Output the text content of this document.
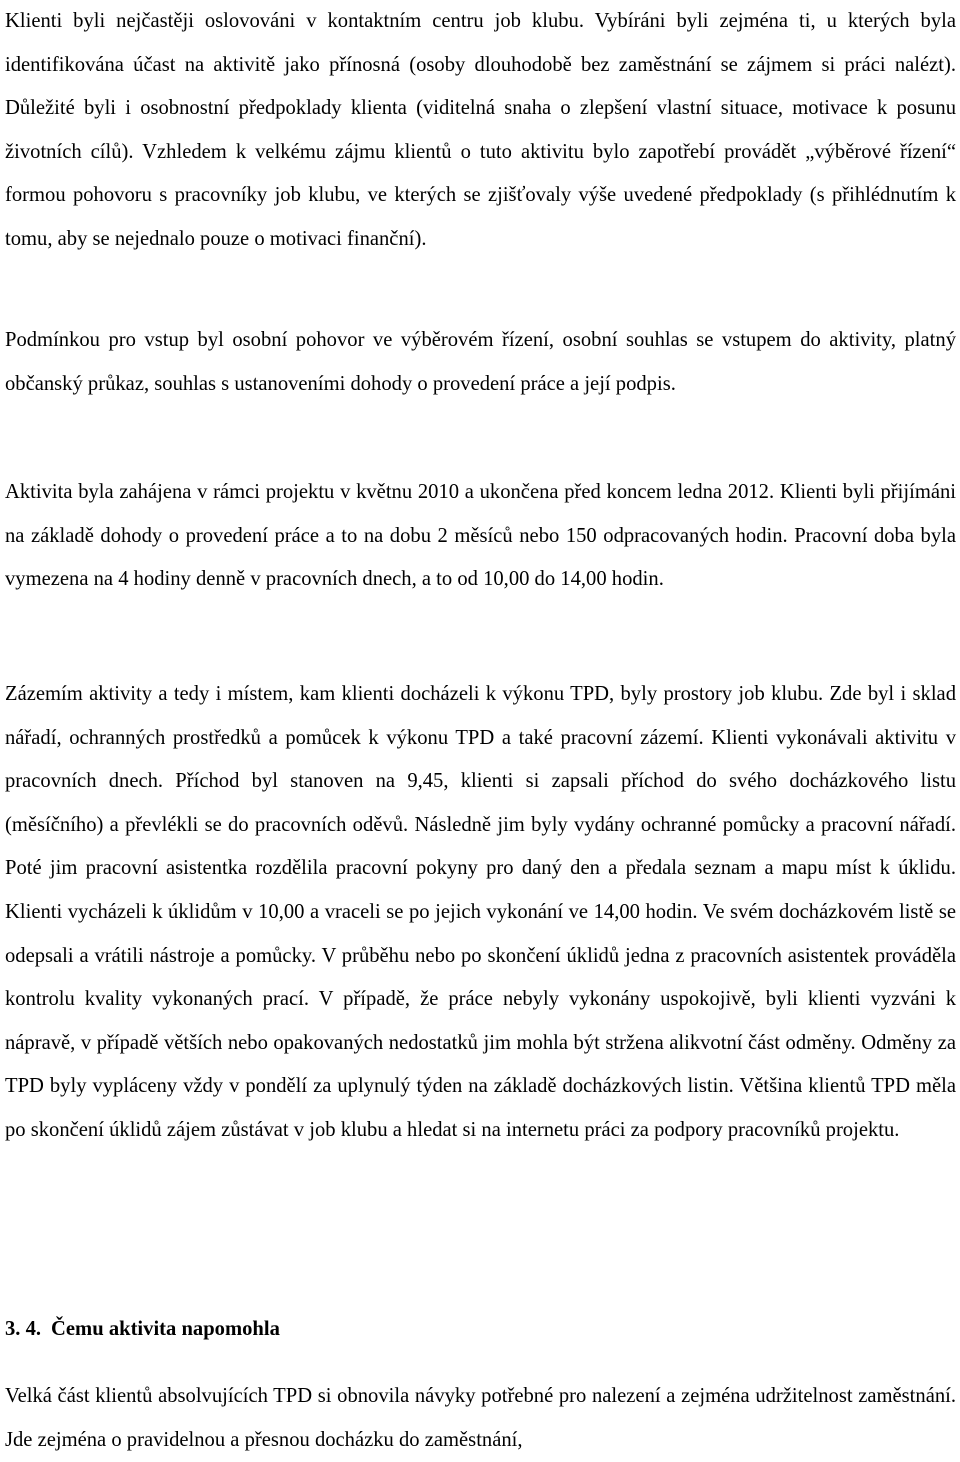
Klienti byli nejčastěji oslovováni v kontaktním centru job klubu. Vybíráni byli zejména ti, u kterých byla identifikována účast na aktivitě jako přínosná (osoby dlouhodobě bez zaměstnání se zájmem si práci nalézt). Důležité byli i osobnostní předpoklady klienta (viditelná snaha o zlepšení vlastní situace, motivace k posunu životních cílů). Vzhledem k velkému zájmu klientů o tuto aktivitu bylo zapotřebí provádět „výběrové řízení“ formou pohovoru s pracovníky job klubu, ve kterých se zjišťovaly výše uvedené předpoklady (s přihlédnutím k tomu, aby se nejednalo pouze o motivaci finanční).

Podmínkou pro vstup byl osobní pohovor ve výběrovém řízení, osobní souhlas se vstupem do aktivity, platný občanský průkaz, souhlas s ustanoveními dohody o provedení práce a její podpis.

Aktivita byla zahájena v rámci projektu v květnu 2010 a ukončena před koncem ledna 2012. Klienti byli přijímáni na základě dohody o provedení práce a to na dobu 2 měsíců nebo 150 odpracovaných hodin. Pracovní doba byla vymezena na 4 hodiny denně v pracovních dnech, a to od 10,00 do 14,00 hodin.

Zázemím aktivity a tedy i místem, kam klienti docházeli k výkonu TPD, byly prostory job klubu. Zde byl i sklad nářadí, ochranných prostředků a pomůcek k výkonu TPD a také pracovní zázemí. Klienti vykonávali aktivitu v pracovních dnech. Příchod byl stanoven na 9,45, klienti si zapsali příchod do svého docházkového listu (měsíčního) a převlékli se do pracovních oděvů. Následně jim byly vydány ochranné pomůcky a pracovní nářadí. Poté jim pracovní asistentka rozdělila pracovní pokyny pro daný den a předala seznam a mapu míst k úklidu. Klienti vycházeli k úklidům v 10,00 a vraceli se po jejich vykonání ve 14,00 hodin. Ve svém docházkovém listě se odepsali a vrátili nástroje a pomůcky. V průběhu nebo po skončení úklidů jedna z pracovních asistentek prováděla kontrolu kvality vykonaných prací. V případě, že práce nebyly vykonány uspokojivě, byli klienti vyzváni k nápravě, v případě větších nebo opakovaných nedostatků jim mohla být stržena alikvotní část odměny. Odměny za TPD byly vypláceny vždy v pondělí za uplynulý týden na základě docházkových listin. Většina klientů TPD měla po skončení úklidů zájem zůstávat v job klubu a hledat si na internetu práci za podpory pracovníků projektu.

3. 4. Čemu aktivita napomohla

Velká část klientů absolvujících TPD si obnovila návyky potřebné pro nalezení a zejména udržitelnost zaměstnání. Jde zejména o pravidelnou a přesnou docházku do zaměstnání,
